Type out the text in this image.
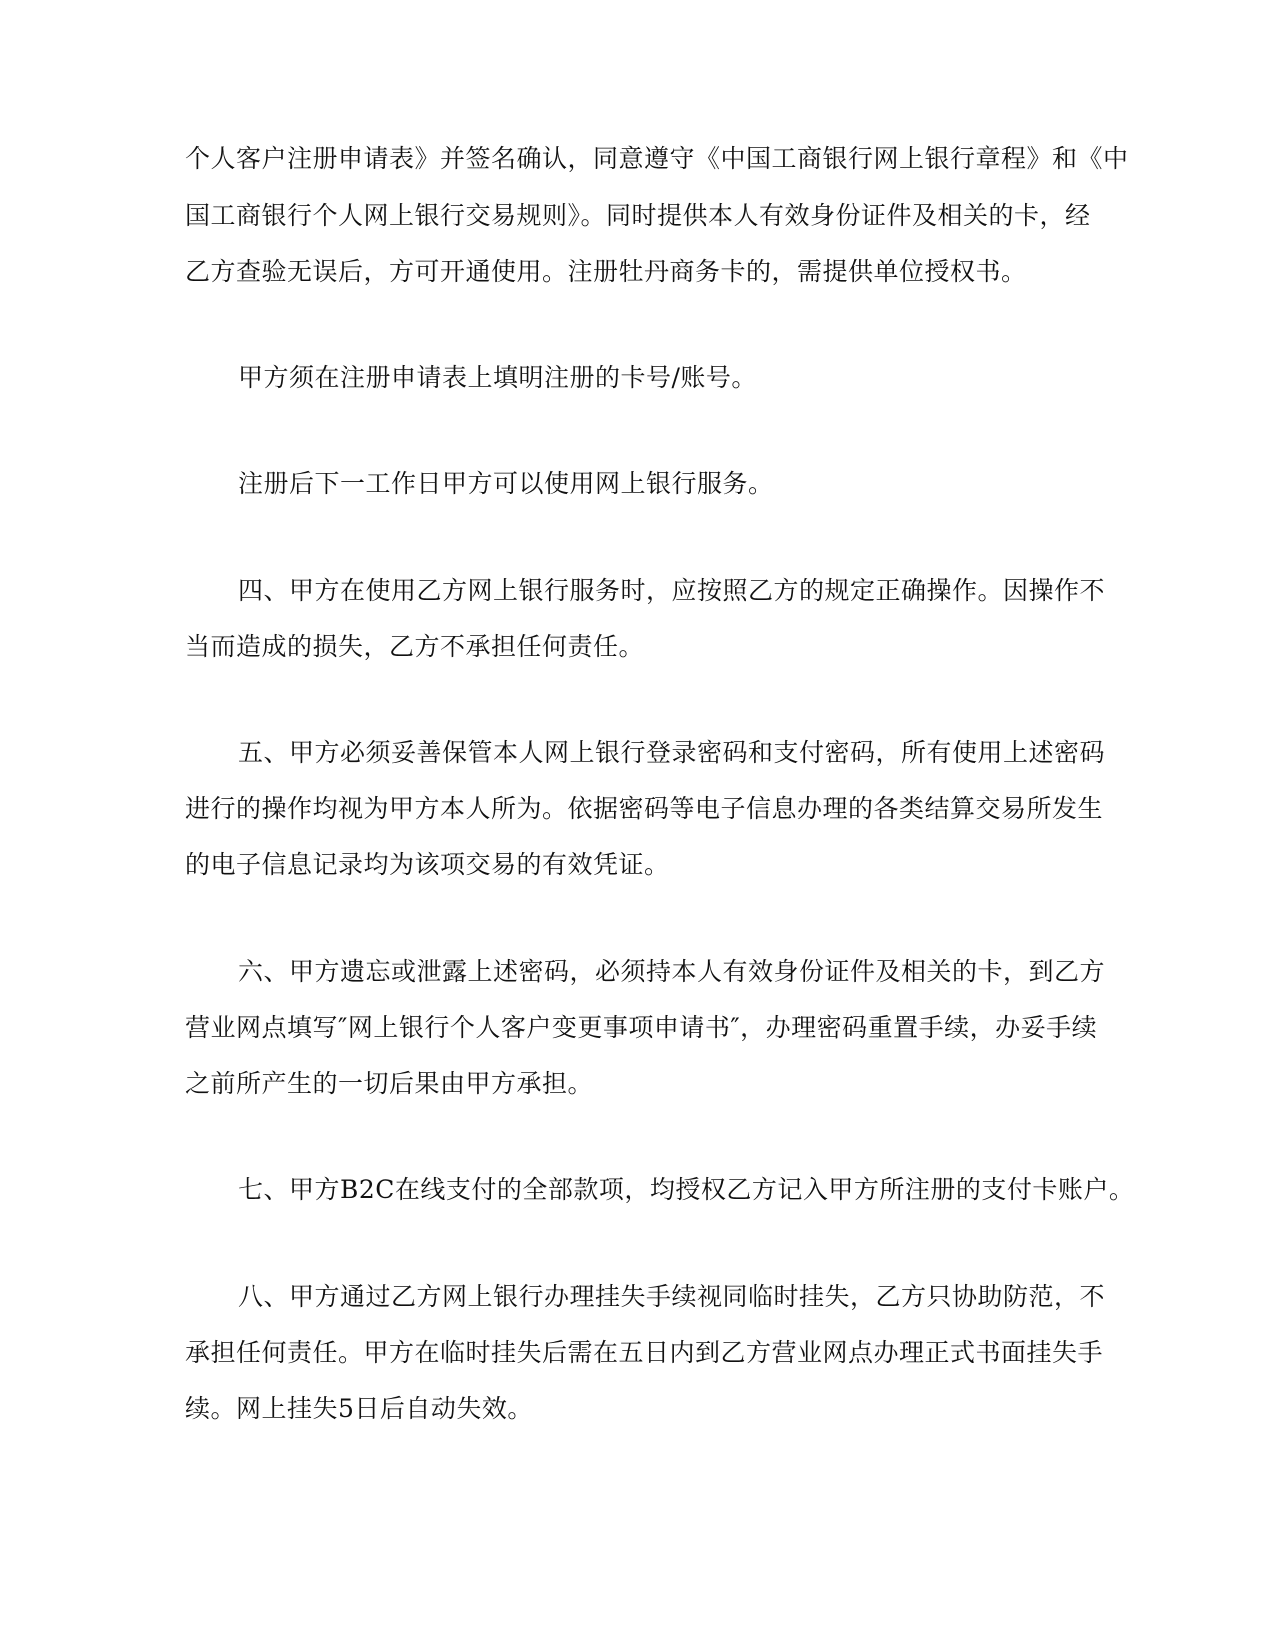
个人客户注册申请表》并签名确认，同意遵守《中国工商银行网上银行章程》和《中
国工商银行个人网上银行交易规则》。同时提供本人有效身份证件及相关的卡，经
乙方查验无误后，方可开通使用。注册牡丹商务卡的，需提供单位授权书。
甲方须在注册申请表上填明注册的卡号/账号。
注册后下一工作日甲方可以使用网上银行服务。
四、甲方在使用乙方网上银行服务时，应按照乙方的规定正确操作。因操作不
当而造成的损失，乙方不承担任何责任。
五、甲方必须妥善保管本人网上银行登录密码和支付密码，所有使用上述密码
进行的操作均视为甲方本人所为。依据密码等电子信息办理的各类结算交易所发生
的电子信息记录均为该项交易的有效凭证。
六、甲方遗忘或泄露上述密码，必须持本人有效身份证件及相关的卡，到乙方
营业网点填写″网上银行个人客户变更事项申请书″，办理密码重置手续，办妥手续
之前所产生的一切后果由甲方承担。
七、甲方B2C在线支付的全部款项，均授权乙方记入甲方所注册的支付卡账户。
八、甲方通过乙方网上银行办理挂失手续视同临时挂失，乙方只协助防范，不
承担任何责任。甲方在临时挂失后需在五日内到乙方营业网点办理正式书面挂失手
续。网上挂失5日后自动失效。
